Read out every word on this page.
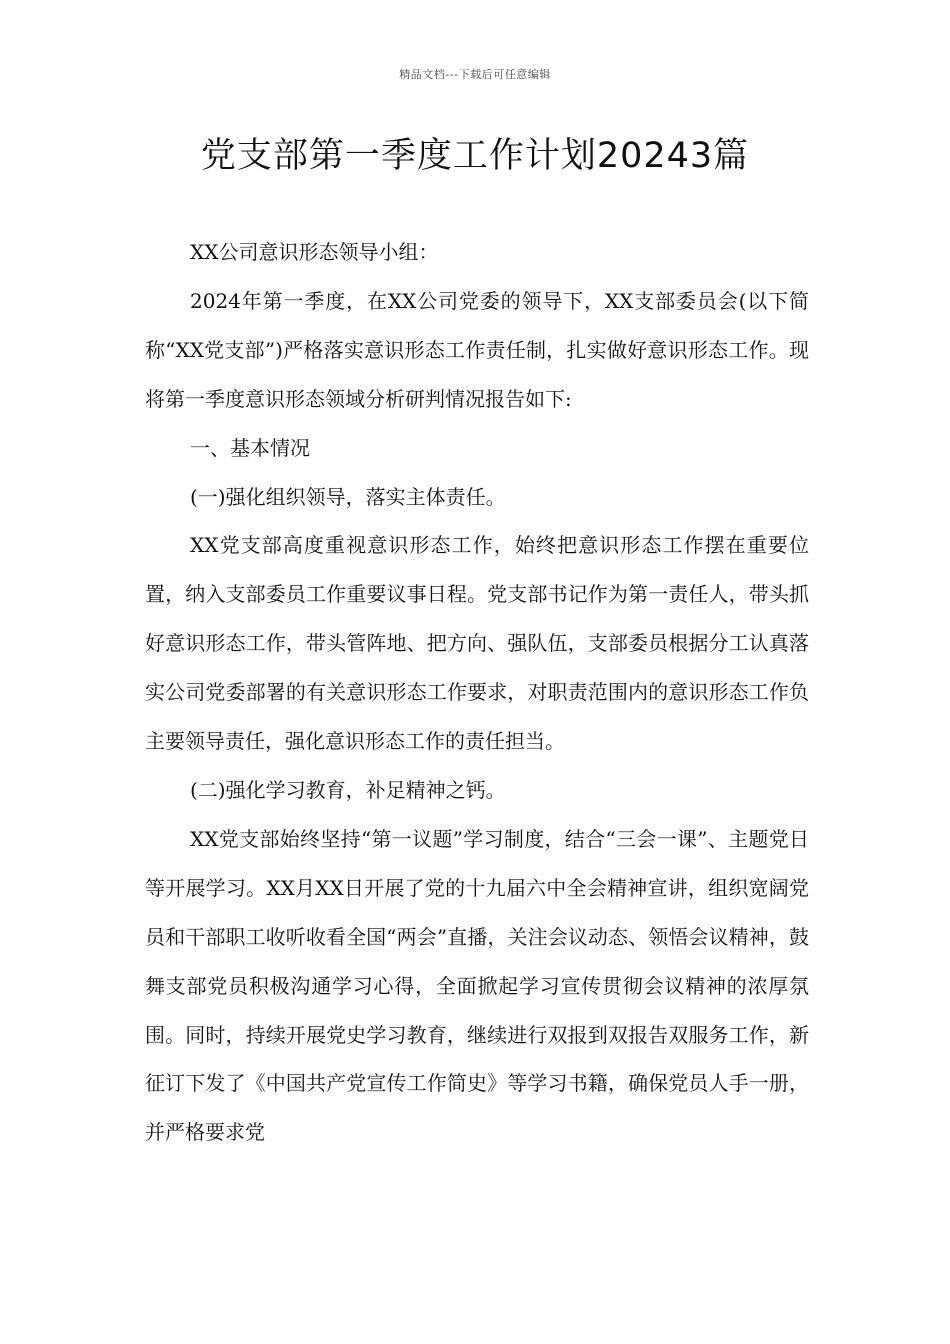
精品文档---下载后可任意编辑
党支部第一季度工作计划20243篇

XX公司意识形态领导小组：

2024年第一季度，在XX公司党委的领导下，XX支部委员会(以下简称“XX党支部”)严格落实意识形态工作责任制，扎实做好意识形态工作。现将第一季度意识形态领域分析研判情况报告如下:

一、基本情况

(一)强化组织领导，落实主体责任。

XX党支部高度重视意识形态工作，始终把意识形态工作摆在重要位置，纳入支部委员工作重要议事日程。党支部书记作为第一责任人，带头抓好意识形态工作，带头管阵地、把方向、强队伍，支部委员根据分工认真落实公司党委部署的有关意识形态工作要求，对职责范围内的意识形态工作负主要领导责任，强化意识形态工作的责任担当。

(二)强化学习教育，补足精神之钙。

XX党支部始终坚持“第一议题”学习制度，结合“三会一课”、主题党日等开展学习。XX月XX日开展了党的十九届六中全会精神宣讲，组织宽阔党员和干部职工收听收看全国“两会”直播，关注会议动态、领悟会议精神，鼓舞支部党员积极沟通学习心得，全面掀起学习宣传贯彻会议精神的浓厚氛围。同时，持续开展党史学习教育，继续进行双报到双报告双服务工作，新征订下发了《中国共产党宣传工作简史》等学习书籍，确保党员人手一册，并严格要求党
